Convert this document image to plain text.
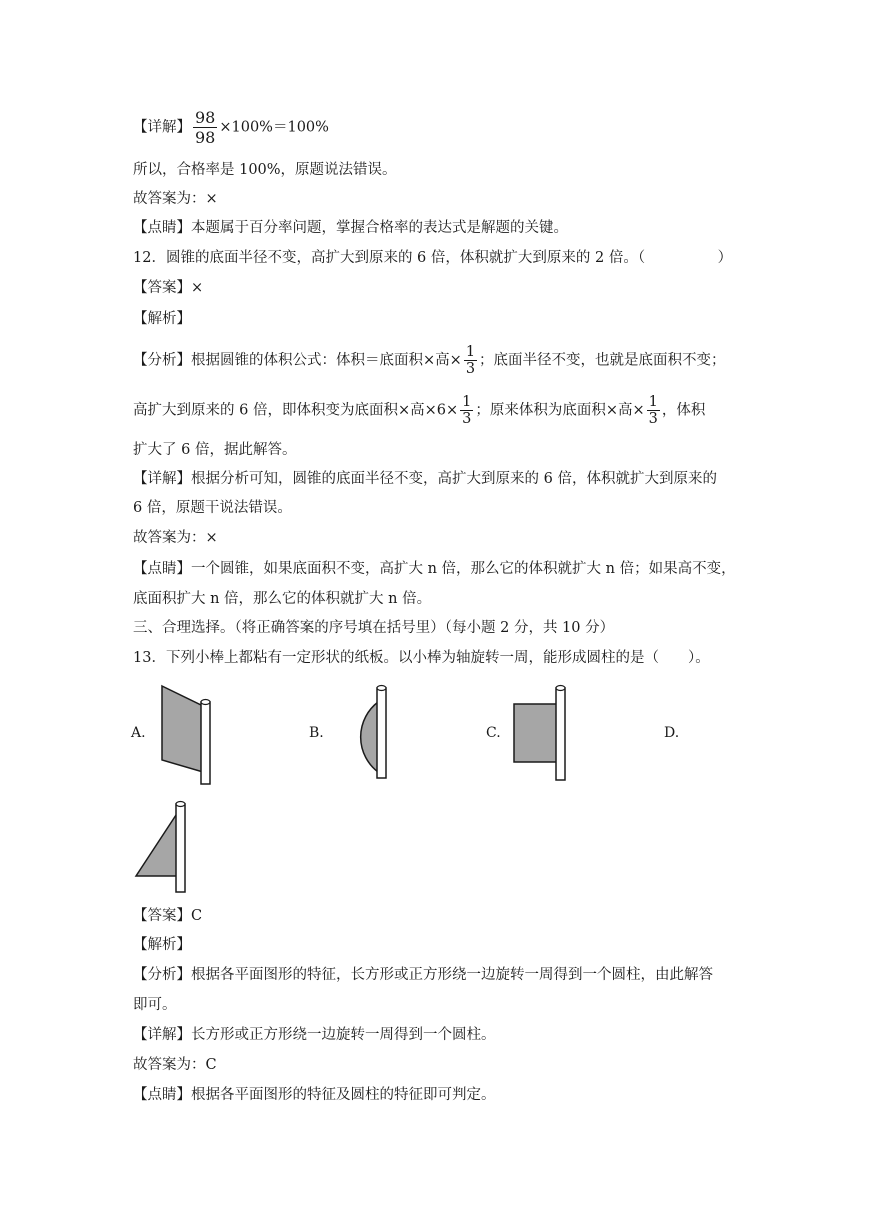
【详解】 $\frac{98}{98} \times 100\%=100\%$
所以，合格率是 100%，原题说法错误。
故答案为：×
【点睛】本题属于百分率问题，掌握合格率的表达式是解题的关键。
12．圆锥的底面半径不变，高扩大到原来的 6 倍，体积就扩大到原来的 2 倍。（　　　　　）
【答案】×
【解析】
【分析】根据圆锥的体积公式：体积＝底面积×高× $\frac{1}{3}$ ；底面半径不变，也就是底面积不变；
高扩大到原来的 6 倍，即体积变为底面积×高$\times 6\times \frac{1}{3}$ ；原来体积为底面积×高× $\frac{1}{3}$ ，体积
扩大了 6 倍，据此解答。
【详解】根据分析可知，圆锥的底面半径不变，高扩大到原来的 6 倍，体积就扩大到原来的
6 倍，原题干说法错误。
故答案为：×
【点睛】一个圆锥，如果底面积不变，高扩大 n 倍，那么它的体积就扩大 n 倍；如果高不变，
底面积扩大 n 倍，那么它的体积就扩大 n 倍。
三、合理选择。（将正确答案的序号填在括号里）（每小题 2 分，共 10 分）
13．下列小棒上都粘有一定形状的纸板。以小棒为轴旋转一周，能形成圆柱的是（　　）。
A.	B.	C.	D.
【答案】C
【解析】
【分析】根据各平面图形的特征，长方形或正方形绕一边旋转一周得到一个圆柱，由此解答
即可。
【详解】长方形或正方形绕一边旋转一周得到一个圆柱。
故答案为：C
【点睛】根据各平面图形的特征及圆柱的特征即可判定。
